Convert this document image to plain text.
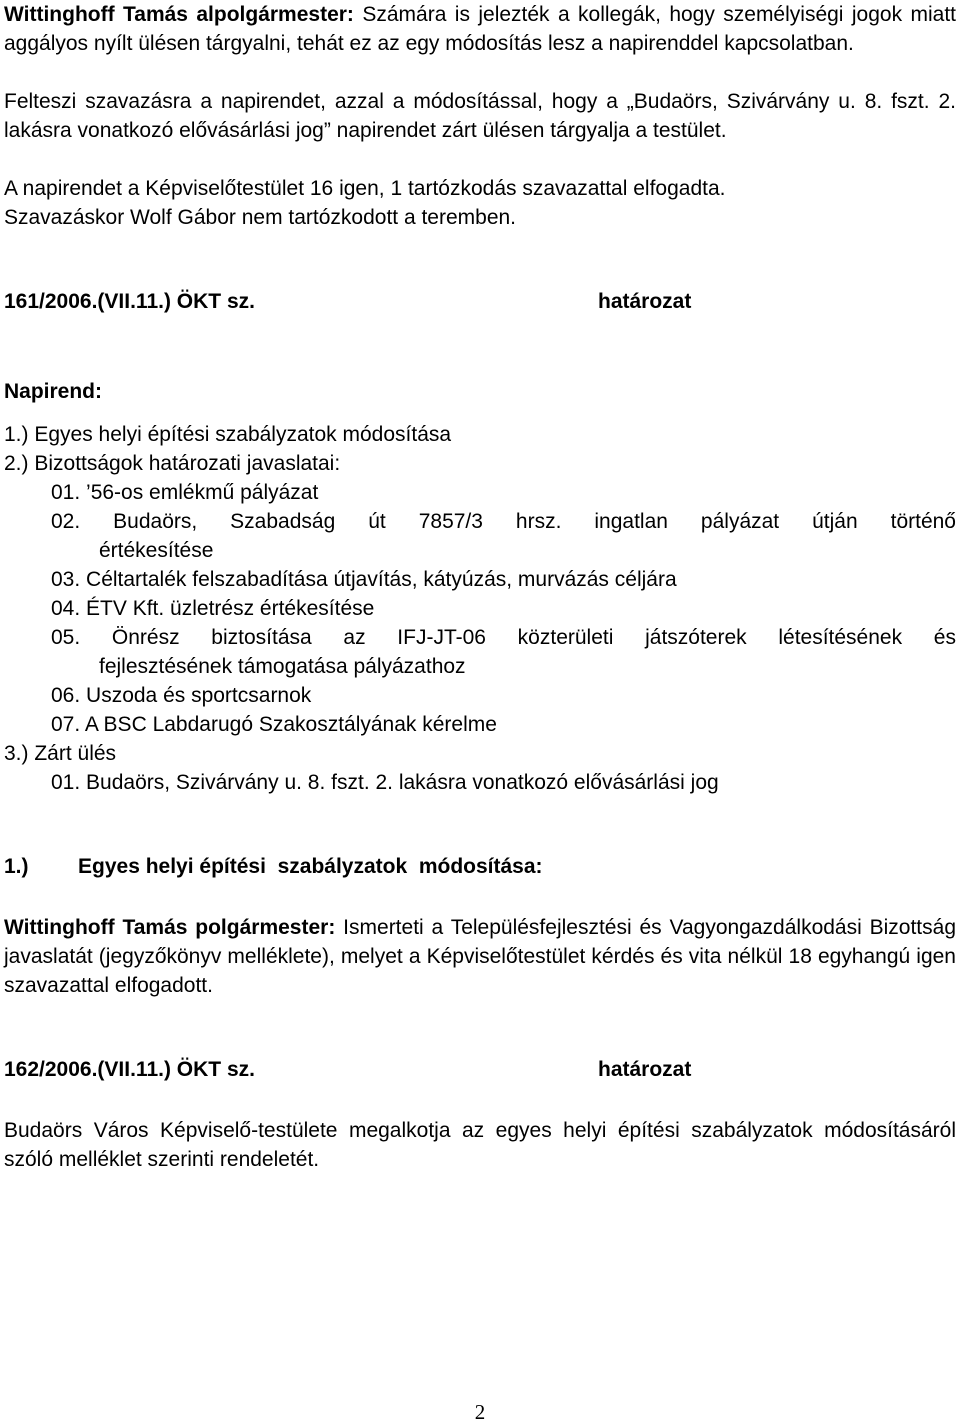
Wittinghoff Tamás alpolgármester: Számára is jelezték a kollegák, hogy személyiségi jogok miatt aggályos nyílt ülésen tárgyalni, tehát ez az egy módosítás lesz a napirenddel kapcsolatban.

Felteszi szavazásra a napirendet, azzal a módosítással, hogy a „Budaörs, Szivárvány u. 8. fszt. 2. lakásra vonatkozó elővásárlási jog” napirendet zárt ülésen tárgyalja a testület.

A napirendet a Képviselőtestület 16 igen, 1 tartózkodás szavazattal elfogadta.

Szavazáskor Wolf Gábor nem tartózkodott a teremben.

161/2006.(VII.11.) ÖKT sz.	határozat

Napirend:

1.) Egyes helyi építési szabályzatok módosítása

2.) Bizottságok határozati javaslatai:

01. ’56-os emlékmű pályázat

02. Budaörs, Szabadság út 7857/3 hrsz. ingatlan pályázat útján történő

értékesítése

03. Céltartalék felszabadítása útjavítás, kátyúzás, murvázás céljára

04. ÉTV Kft. üzletrész értékesítése

05. Önrész biztosítása az IFJ-JT-06 közterületi játszóterek létesítésének és

fejlesztésének támogatása pályázathoz

06. Uszoda és sportcsarnok

07. A BSC Labdarugó Szakosztályának kérelme

3.) Zárt ülés

01. Budaörs, Szivárvány u. 8. fszt. 2. lakásra vonatkozó elővásárlási jog

1.) Egyes helyi építési  szabályzatok  módosítása:

Wittinghoff Tamás polgármester: Ismerteti a Településfejlesztési és Vagyongazdálkodási Bizottság javaslatát (jegyzőkönyv melléklete), melyet a Képviselőtestület kérdés és vita nélkül 18 egyhangú igen szavazattal elfogadott.

162/2006.(VII.11.) ÖKT sz.	határozat

Budaörs Város Képviselő-testülete megalkotja az egyes helyi építési szabályzatok módosításáról szóló melléklet szerinti rendeletét.

2
